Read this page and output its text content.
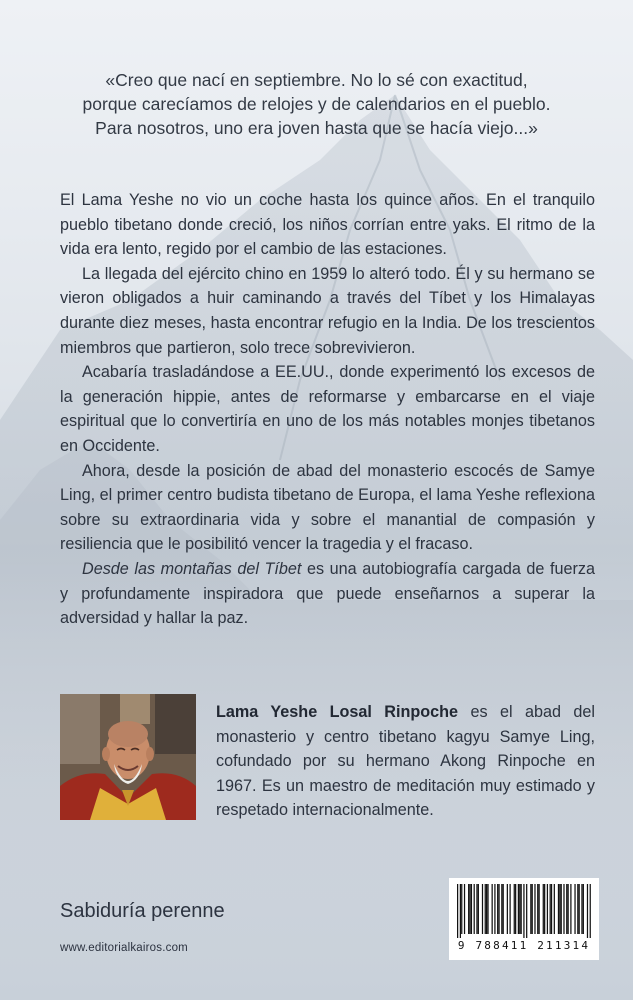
«Creo que nací en septiembre. No lo sé con exactitud,

porque carecíamos de relojes y de calendarios en el pueblo.

Para nosotros, uno era joven hasta que se hacía viejo...»

El Lama Yeshe no vio un coche hasta los quince años. En el tranquilo pueblo tibetano donde creció, los niños corrían entre yaks. El ritmo de la vida era lento, regido por el cambio de las estaciones.

La llegada del ejército chino en 1959 lo alteró todo. Él y su hermano se vieron obligados a huir caminando a través del Tíbet y los Himalayas durante diez meses, hasta encontrar refugio en la India. De los trescientos miembros que partieron, solo trece sobrevivieron.

Acabaría trasladándose a EE.UU., donde experimentó los excesos de la generación hippie, antes de reformarse y embarcarse en el viaje espiritual que lo convertiría en uno de los más notables monjes tibetanos en Occidente.

Ahora, desde la posición de abad del monasterio escocés de Samye Ling, el primer centro budista tibetano de Europa, el lama Yeshe reflexiona sobre su extraordinaria vida y sobre el manantial de compasión y resiliencia que le posibilitó vencer la tragedia y el fracaso.

Desde las montañas del Tíbet es una autobiografía cargada de fuerza y profundamente inspiradora que puede enseñarnos a superar la adversidad y hallar la paz.

Lama Yeshe Losal Rinpoche es el abad del monasterio y centro tibetano kagyu Samye Ling, cofundado por su hermano Akong Rinpoche en 1967. Es un maestro de meditación muy estimado y respetado internacionalmente.
Sabiduría perenne
www.editorialkairos.com	9 788411 211314
